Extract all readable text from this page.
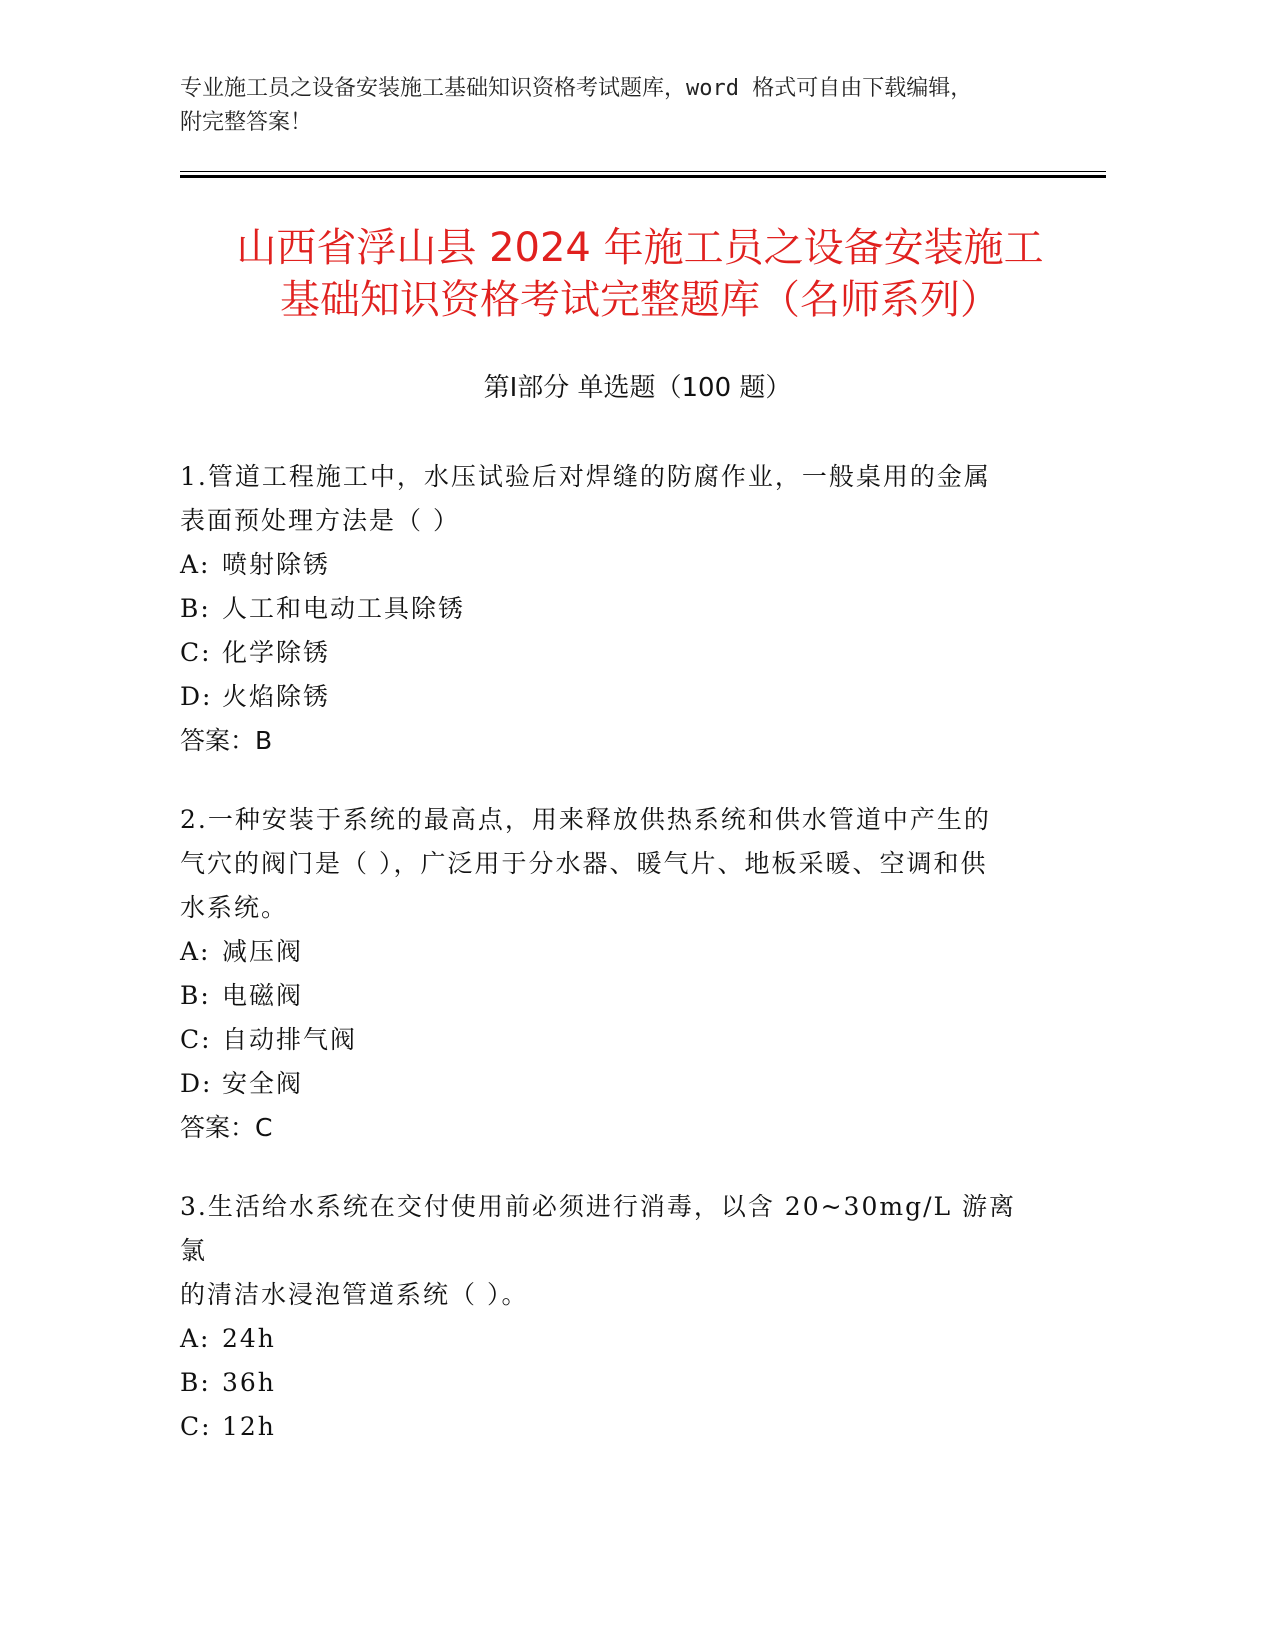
专业施工员之设备安装施工基础知识资格考试题库，word 格式可自由下载编辑，
附完整答案！
山西省浮山县 2024 年施工员之设备安装施工
基础知识资格考试完整题库（名师系列）
第Ⅰ部分 单选题（100 题）
1.管道工程施工中，水压试验后对焊缝的防腐作业，一般桌用的金属
表面预处理方法是（ ）
A: 喷射除锈
B: 人工和电动工具除锈
C: 化学除锈
D: 火焰除锈
答案：B
2.一种安装于系统的最高点，用来释放供热系统和供水管道中产生的
气穴的阀门是（ ），广泛用于分水器、暖气片、地板采暖、空调和供
水系统。
A: 减压阀
B: 电磁阀
C: 自动排气阀
D: 安全阀
答案：C
3.生活给水系统在交付使用前必须进行消毒，以含 20~30mg/L 游离氯
的清洁水浸泡管道系统（ ）。
A: 24h
B: 36h
C: 12h
